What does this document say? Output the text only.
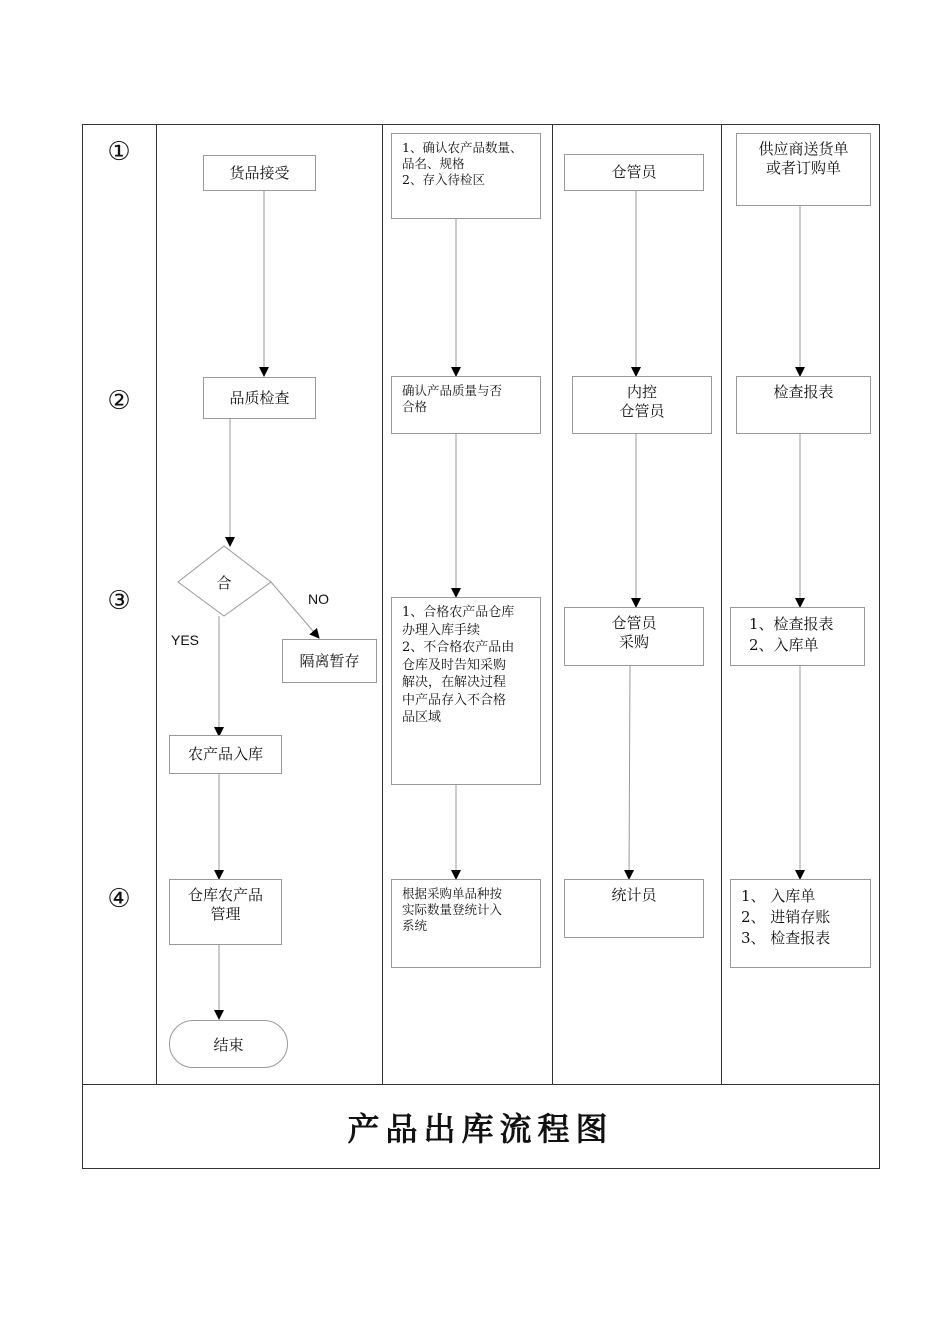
①
②
③
④
货品接受
品质检查
合
NO
YES
隔离暂存
农产品入库
仓库农产品
管理
结束
1、确认农产品数量、
品名、规格
2、存入待检区
确认产品质量与否
合格
1、合格农产品仓库
办理入库手续
2、不合格农产品由
仓库及时告知采购
解决，在解决过程
中产品存入不合格
品区域
根据采购单品种按
实际数量登统计入
系统
仓管员
内控
仓管员
仓管员
采购
统计员
供应商送货单
或者订购单
检查报表
1、检查报表
2、入库单
1、 入库单
2、 进销存账
3、 检查报表
产品出库流程图
